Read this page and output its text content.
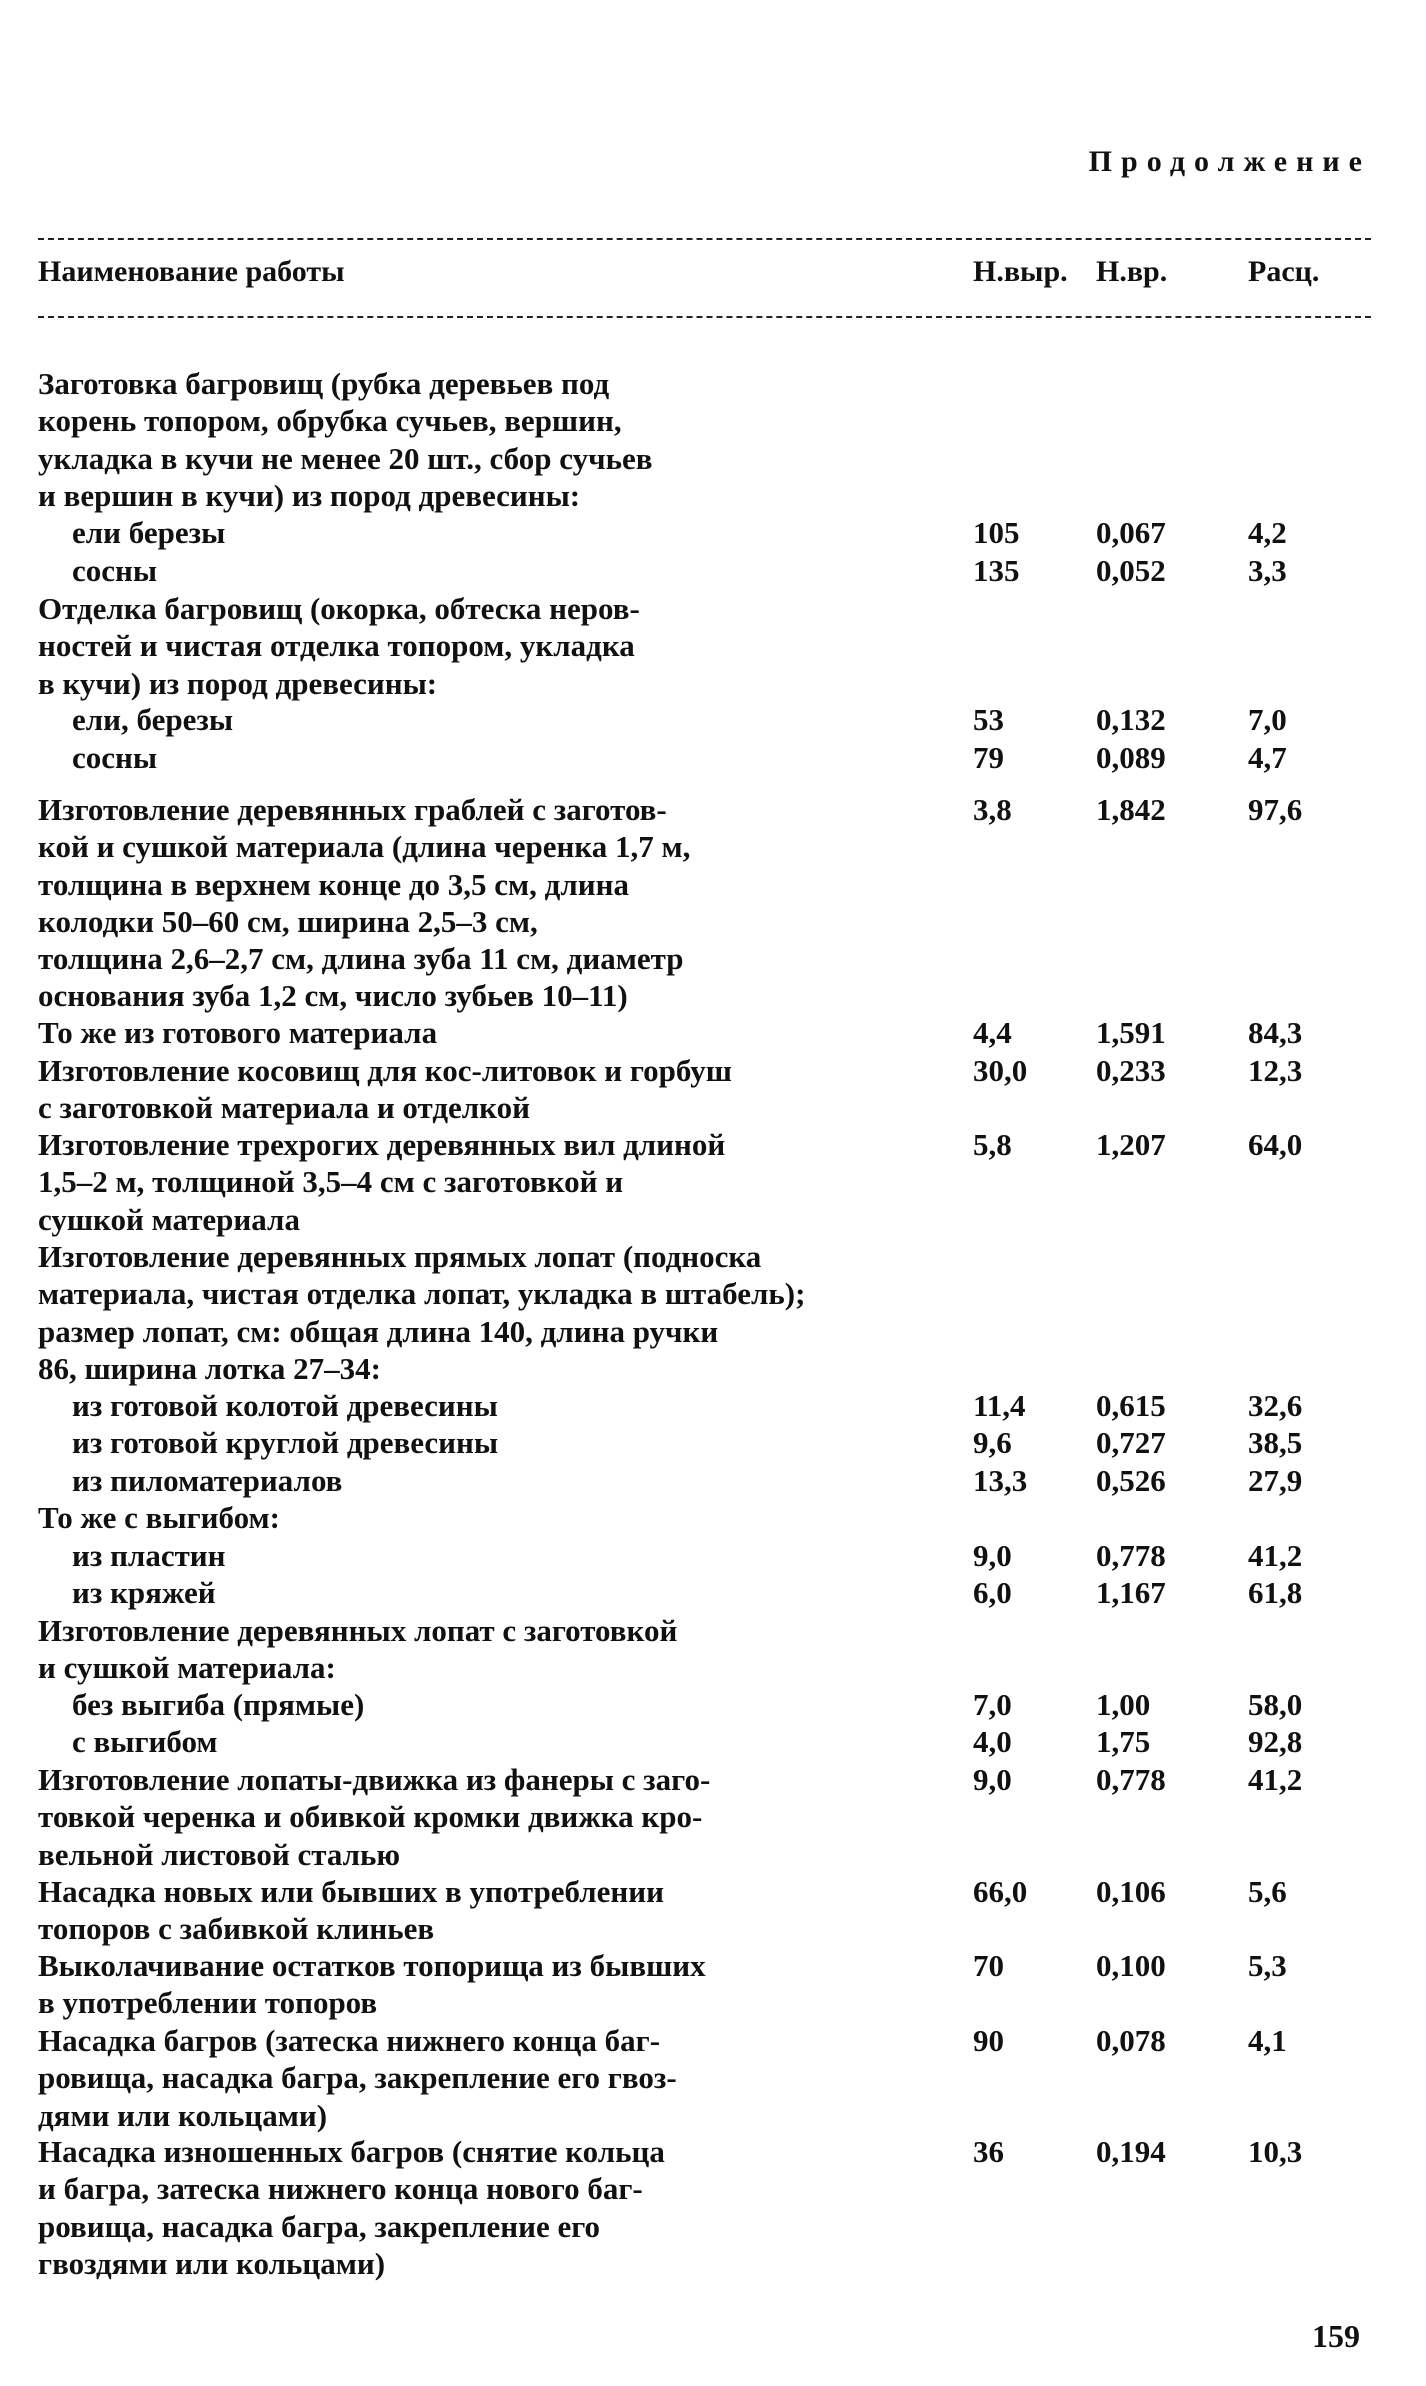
Продолжение
Наименование работы	Н.выр. Н.вр.	Расц.
Заготовка багровищ (рубка деревьев под
корень топором, обрубка сучьев, вершин,
укладка в кучи не менее 20 шт., сбор сучьев
и вершин в кучи) из пород древесины:
ели березы	105 0,067	4,2
сосны	135 0,052	3,3
Отделка багровищ (окорка, обтеска неров-
ностей и чистая отделка топором, укладка
в кучи) из пород древесины:
ели, березы	53	0,132	7,0
сосны	79	0,089	4,7
Изготовление деревянных граблей с заготов-
кой и сушкой материала (длина черенка 1,7 м,
толщина в верхнем конце до 3,5 см, длина
колодки 50–60 см, ширина 2,5–3 см,
толщина 2,6–2,7 см, длина зуба 11 см, диаметр
основания зуба 1,2 см, число зубьев 10–11)
3,8	1,842	97,6
То же из готового материала	4,4	1,591	84,3
Изготовление косовищ для кос-литовок и горбуш
с заготовкой материала и отделкой
30,0 0,233	12,3
Изготовление трехрогих деревянных вил длиной
1,5–2 м, толщиной 3,5–4 см с заготовкой и
сушкой материала
5,8	1,207	64,0
Изготовление деревянных прямых лопат (подноска
материала, чистая отделка лопат, укладка в штабель);
размер лопат, см: общая длина 140, длина ручки
86, ширина лотка 27–34:
из готовой колотой древесины	11,4 0,615	32,6
из готовой круглой древесины	9,6	0,727	38,5
из пиломатериалов	13,3 0,526	27,9
То же с выгибом:
из пластин	9,0	0,778	41,2
из кряжей	6,0	1,167	61,8
Изготовление деревянных лопат с заготовкой
и сушкой материала:
без выгиба (прямые)	7,0	1,00	58,0
с выгибом	4,0	1,75	92,8
Изготовление лопаты-движка из фанеры с заго-
товкой черенка и обивкой кромки движка кро-
вельной листовой сталью
9,0	0,778	41,2
Насадка новых или бывших в употреблении
топоров с забивкой клиньев
66,0 0,106	5,6
Выколачивание остатков топорища из бывших
в употреблении топоров
70	0,100	5,3
Насадка багров (затеска нижнего конца баг-
ровища, насадка багра, закрепление его гвоз-
дями или кольцами)
90	0,078	4,1
Насадка изношенных багров (снятие кольца
и багра, затеска нижнего конца нового баг-
ровища, насадка багра, закрепление его
гвоздями или кольцами)
36	0,194	10,3
159
